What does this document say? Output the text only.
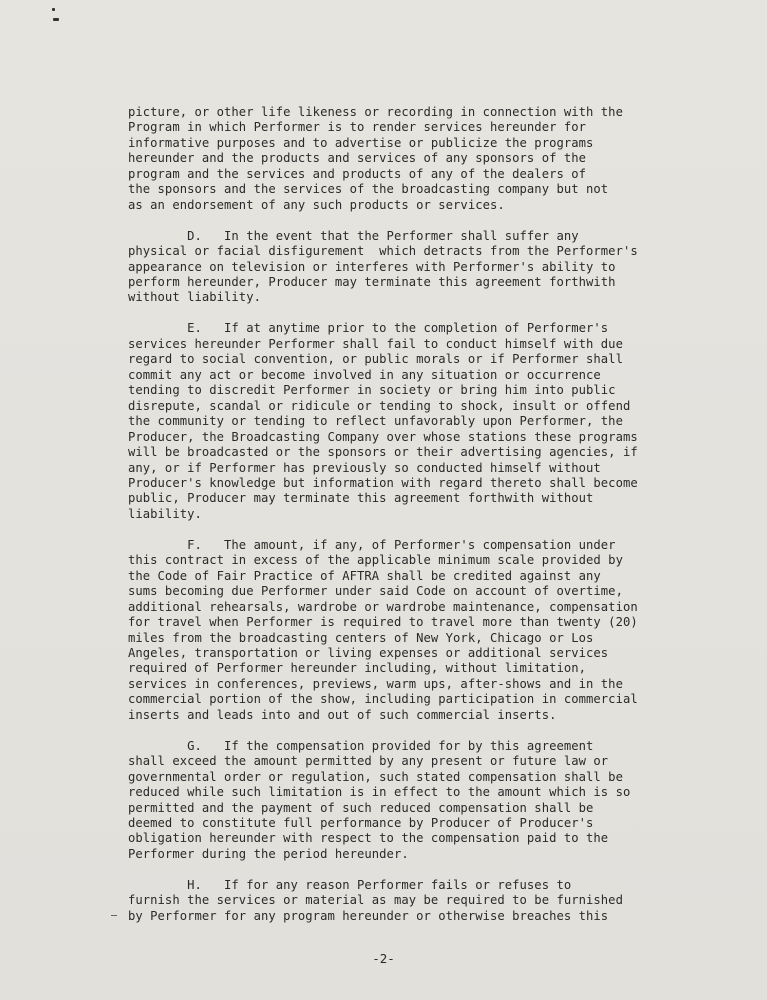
picture, or other life likeness or recording in connection with the
Program in which Performer is to render services hereunder for
informative purposes and to advertise or publicize the programs
hereunder and the products and services of any sponsors of the
program and the services and products of any of the dealers of
the sponsors and the services of the broadcasting company but not
as an endorsement of any such products or services.

D.   In the event that the Performer shall suffer any
physical or facial disfigurement  which detracts from the Performer's
appearance on television or interferes with Performer's ability to
perform hereunder, Producer may terminate this agreement forthwith
without liability.

E.   If at anytime prior to the completion of Performer's
services hereunder Performer shall fail to conduct himself with due
regard to social convention, or public morals or if Performer shall
commit any act or become involved in any situation or occurrence
tending to discredit Performer in society or bring him into public
disrepute, scandal or ridicule or tending to shock, insult or offend
the community or tending to reflect unfavorably upon Performer, the
Producer, the Broadcasting Company over whose stations these programs
will be broadcasted or the sponsors or their advertising agencies, if
any, or if Performer has previously so conducted himself without
Producer's knowledge but information with regard thereto shall become
public, Producer may terminate this agreement forthwith without
liability.

F.   The amount, if any, of Performer's compensation under
this contract in excess of the applicable minimum scale provided by
the Code of Fair Practice of AFTRA shall be credited against any
sums becoming due Performer under said Code on account of overtime,
additional rehearsals, wardrobe or wardrobe maintenance, compensation
for travel when Performer is required to travel more than twenty (20)
miles from the broadcasting centers of New York, Chicago or Los
Angeles, transportation or living expenses or additional services
required of Performer hereunder including, without limitation,
services in conferences, previews, warm ups, after-shows and in the
commercial portion of the show, including participation in commercial
inserts and leads into and out of such commercial inserts.

G.   If the compensation provided for by this agreement
shall exceed the amount permitted by any present or future law or
governmental order or regulation, such stated compensation shall be
reduced while such limitation is in effect to the amount which is so
permitted and the payment of such reduced compensation shall be
deemed to constitute full performance by Producer of Producer's
obligation hereunder with respect to the compensation paid to the
Performer during the period hereunder.

H.   If for any reason Performer fails or refuses to
furnish the services or material as may be required to be furnished
by Performer for any program hereunder or otherwise breaches this

-2-
